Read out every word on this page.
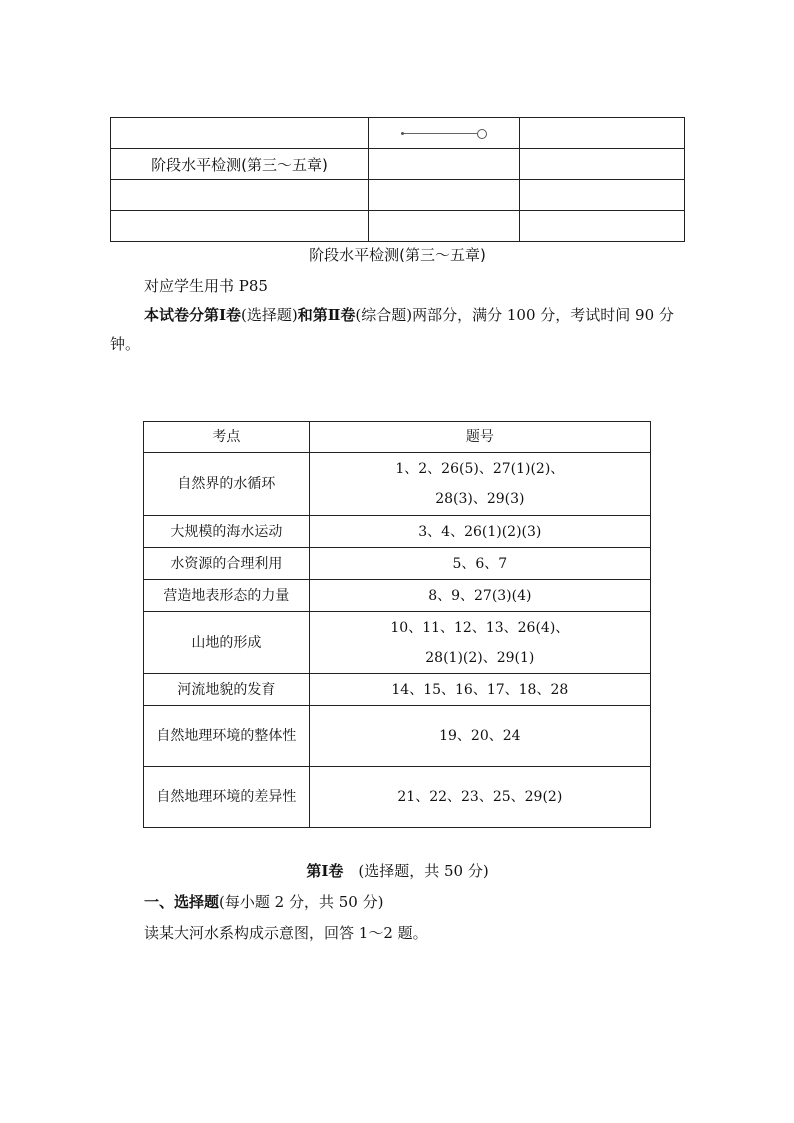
阶段水平检测(第三～五章)		

阶段水平检测(第三～五章)
对应学生用书 P85
本试卷分第Ⅰ卷(选择题)和第Ⅱ卷(综合题)两部分，满分 100 分，考试时间 90 分钟。
考点	题号
自然界的水循环	1、2、26(5)、27(1)(2)、
28(3)、29(3)

大规模的海水运动	3、4、26(1)(2)(3)
水资源的合理利用	5、6、7
营造地表形态的力量	8、9、27(3)(4)
山地的形成	10、11、12、13、26(4)、
28(1)(2)、29(1)

河流地貌的发育	14、15、16、17、18、28
自然地理环境的整体性	19、20、24
自然地理环境的差异性	21、22、23、25、29(2)
第Ⅰ卷　(选择题，共 50 分)
一、选择题(每小题 2 分，共 50 分)
读某大河水系构成示意图，回答 1～2 题。
